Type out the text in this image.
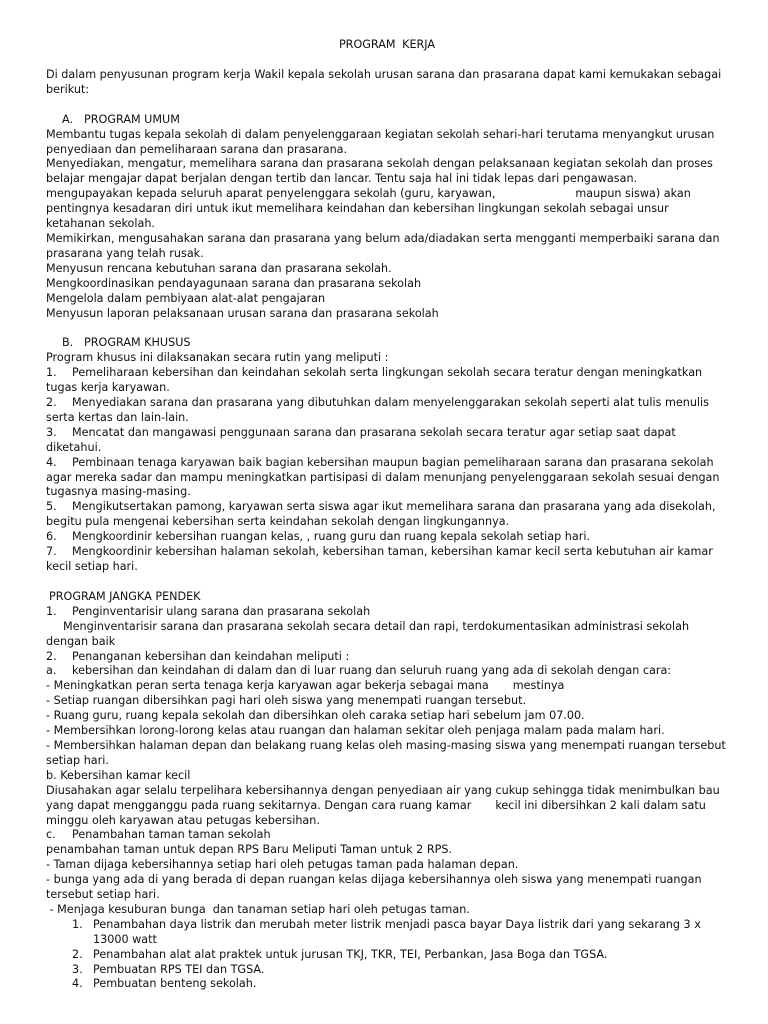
PROGRAM KERJA

Di dalam penyusunan program kerja Wakil kepala sekolah urusan sarana dan prasarana dapat kami kemukakan sebagai berikut:

A. PROGRAM UMUM

Membantu tugas kepala sekolah di dalam penyelenggaraan kegiatan sekolah sehari-hari terutama menyangkut urusan penyediaan dan pemeliharaan sarana dan prasarana.

Menyediakan, mengatur, memelihara sarana dan prasarana sekolah dengan pelaksanaan kegiatan sekolah dan proses belajar mengajar dapat berjalan dengan tertib dan lancar. Tentu saja hal ini tidak lepas dari pengawasan.

mengupayakan kepada seluruh aparat penyelenggara sekolah (guru, karyawan,	maupun siswa) akan pentingnya kesadaran diri untuk ikut memelihara keindahan dan kebersihan lingkungan sekolah sebagai unsur ketahanan sekolah.

Memikirkan, mengusahakan sarana dan prasarana yang belum ada/diadakan serta mengganti memperbaiki sarana dan prasarana yang telah rusak.

Menyusun rencana kebutuhan sarana dan prasarana sekolah.

Mengkoordinasikan pendayagunaan sarana dan prasarana sekolah

Mengelola dalam pembiyaan alat-alat pengajaran

Menyusun laporan pelaksanaan urusan sarana dan prasarana sekolah

B. PROGRAM KHUSUS

Program khusus ini dilaksanakan secara rutin yang meliputi :

1. Pemeliharaan kebersihan dan keindahan sekolah serta lingkungan sekolah secara teratur dengan meningkatkan tugas kerja karyawan.

2. Menyediakan sarana dan prasarana yang dibutuhkan dalam menyelenggarakan sekolah seperti alat tulis menulis serta kertas dan lain-lain.

3. Mencatat dan mangawasi penggunaan sarana dan prasarana sekolah secara teratur agar setiap saat dapat diketahui.

4. Pembinaan tenaga karyawan baik bagian kebersihan maupun bagian pemeliharaan sarana dan prasarana sekolah agar mereka sadar dan mampu meningkatkan partisipasi di dalam menunjang penyelenggaraan sekolah sesuai dengan tugasnya masing-masing.

5. Mengikutsertakan pamong, karyawan serta siswa agar ikut memelihara sarana dan prasarana yang ada disekolah, begitu pula mengenai kebersihan serta keindahan sekolah dengan lingkungannya.

6. Mengkoordinir kebersihan ruangan kelas, , ruang guru dan ruang kepala sekolah setiap hari.

7. Mengkoordinir kebersihan halaman sekolah, kebersihan taman, kebersihan kamar kecil serta kebutuhan air kamar kecil setiap hari.

PROGRAM JANGKA PENDEK

1. Penginventarisir ulang sarana dan prasarana sekolah

Menginventarisir sarana dan prasarana sekolah secara detail dan rapi, terdokumentasikan administrasi sekolah dengan baik

2. Penanganan kebersihan dan keindahan meliputi :

a. kebersihan dan keindahan di dalam dan di luar ruang dan seluruh ruang yang ada di sekolah dengan cara:

- Meningkatkan peran serta tenaga kerja karyawan agar bekerja sebagai mana mestinya

- Setiap ruangan dibersihkan pagi hari oleh siswa yang menempati ruangan tersebut.

- Ruang guru, ruang kepala sekolah dan dibersihkan oleh caraka setiap hari sebelum jam 07.00.

- Membersihkan lorong-lorong kelas atau ruangan dan halaman sekitar oleh penjaga malam pada malam hari.

- Membersihkan halaman depan dan belakang ruang kelas oleh masing-masing siswa yang menempati ruangan tersebut setiap hari.

b. Kebersihan kamar kecil

Diusahakan agar selalu terpelihara kebersihannya dengan penyediaan air yang cukup sehingga tidak menimbulkan bau yang dapat mengganggu pada ruang sekitarnya. Dengan cara ruang kamar kecil ini dibersihkan 2 kali dalam satu minggu oleh karyawan atau petugas kebersihan.

c. Penambahan taman taman sekolah

penambahan taman untuk depan RPS Baru Meliputi Taman untuk 2 RPS.

- Taman dijaga kebersihannya setiap hari oleh petugas taman pada halaman depan.

- bunga yang ada di yang berada di depan ruangan kelas dijaga kebersihannya oleh siswa yang menempati ruangan tersebut setiap hari.

- Menjaga kesuburan bunga  dan tanaman setiap hari oleh petugas taman.

1. Penambahan daya listrik dan merubah meter listrik menjadi pasca bayar Daya listrik dari yang sekarang 3 x 13000 watt
2. Penambahan alat alat praktek untuk jurusan TKJ, TKR, TEI, Perbankan, Jasa Boga dan TGSA.
3. Pembuatan RPS TEI dan TGSA.
4. Pembuatan benteng sekolah.
